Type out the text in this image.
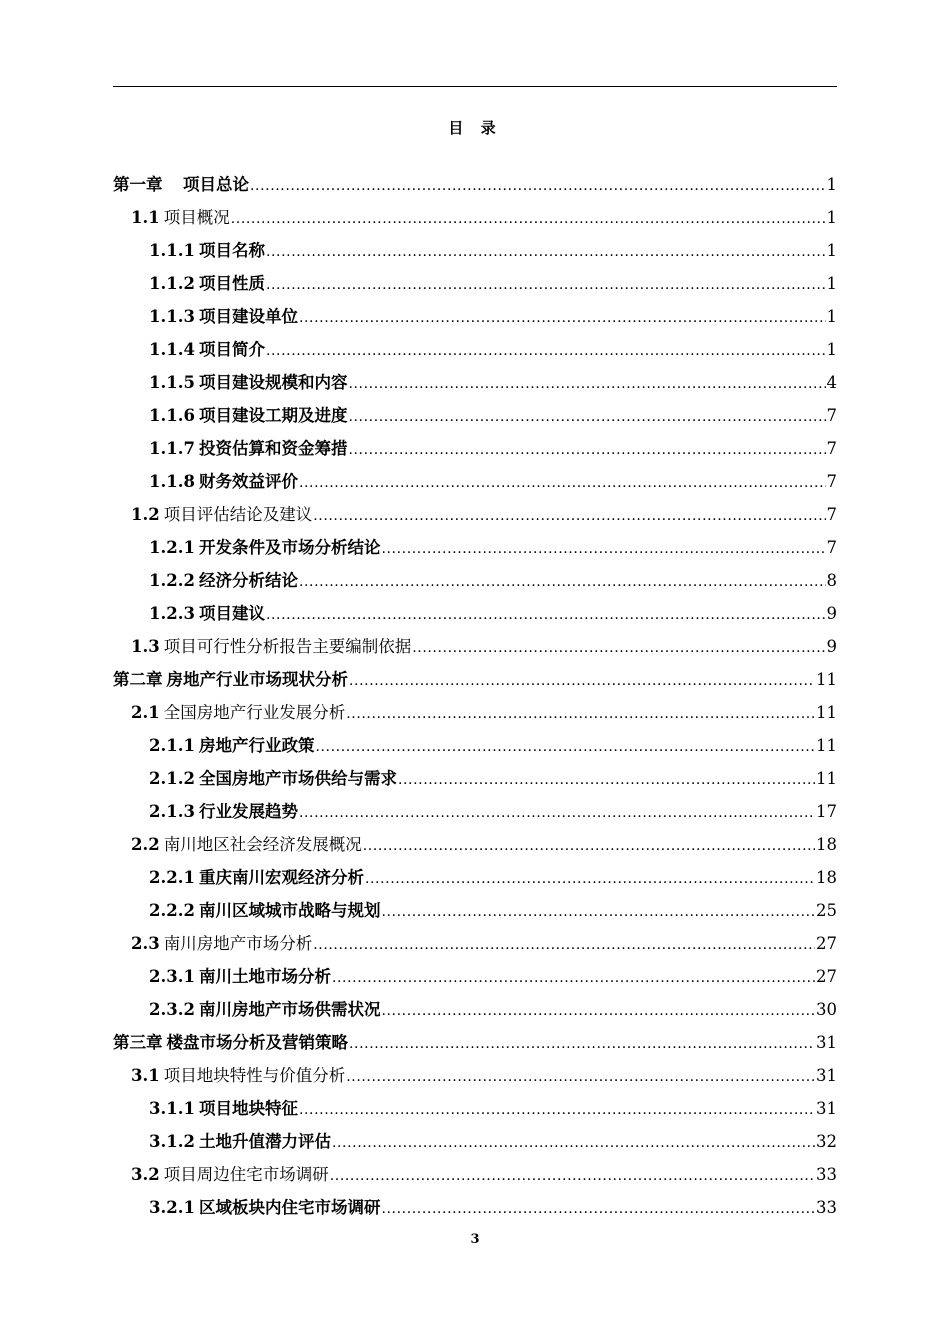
目 录
第一章　项目总论 .....	1
1.1 项目概况 .....	1
1.1.1 项目名称 .....	1
1.1.2 项目性质 .....	1
1.1.3 项目建设单位 .....	1
1.1.4 项目简介 .....	1
1.1.5 项目建设规模和内容 .....	4
1.1.6 项目建设工期及进度 .....	7
1.1.7 投资估算和资金筹措 .....	7
1.1.8 财务效益评价 .....	7
1.2 项目评估结论及建议 .....	7
1.2.1 开发条件及市场分析结论 .....	7
1.2.2 经济分析结论 .....	8
1.2.3 项目建议 .....	9
1.3 项目可行性分析报告主要编制依据 .....	9
第二章 房地产行业市场现状分析 .....	11
2.1 全国房地产行业发展分析 .....	11
2.1.1 房地产行业政策 .....	11
2.1.2 全国房地产市场供给与需求 .....	11
2.1.3 行业发展趋势 .....	17
2.2 南川地区社会经济发展概况 .....	18
2.2.1 重庆南川宏观经济分析 .....	18
2.2.2 南川区域城市战略与规划 .....	25
2.3 南川房地产市场分析 .....	27
2.3.1 南川土地市场分析 .....	27
2.3.2 南川房地产市场供需状况 .....	30
第三章 楼盘市场分析及营销策略 .....	31
3.1 项目地块特性与价值分析 .....	31
3.1.1 项目地块特征 .....	31
3.1.2 土地升值潜力评估 .....	32
3.2 项目周边住宅市场调研 .....	33
3.2.1 区域板块内住宅市场调研 .....	33
3
